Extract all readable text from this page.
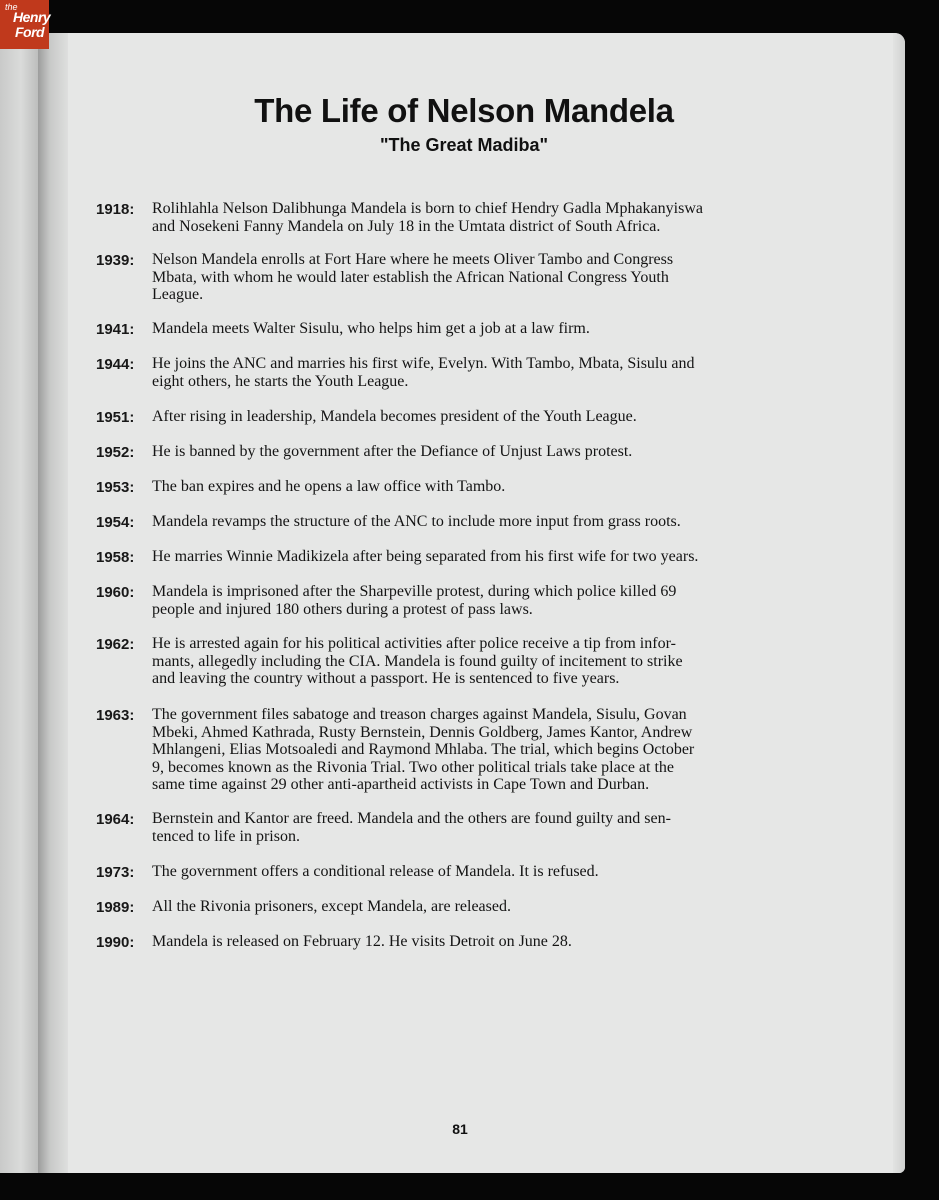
the
Henry
Ford
The Life of Nelson Mandela
"The Great Madiba"
1918:	Rolihlahla Nelson Dalibhunga Mandela is born to chief Hendry Gadla Mphakanyiswa
and Nosekeni Fanny Mandela on July 18 in the Umtata district of South Africa.
1939:	Nelson Mandela enrolls at Fort Hare where he meets Oliver Tambo and Congress
Mbata, with whom he would later establish the African National Congress Youth
League.
1941:	Mandela meets Walter Sisulu, who helps him get a job at a law firm.
1944:	He joins the ANC and marries his first wife, Evelyn. With Tambo, Mbata, Sisulu and
eight others, he starts the Youth League.
1951:	After rising in leadership, Mandela becomes president of the Youth League.
1952:	He is banned by the government after the Defiance of Unjust Laws protest.
1953:	The ban expires and he opens a law office with Tambo.
1954:	Mandela revamps the structure of the ANC to include more input from grass roots.
1958:	He marries Winnie Madikizela after being separated from his first wife for two years.
1960:	Mandela is imprisoned after the Sharpeville protest, during which police killed 69
people and injured 180 others during a protest of pass laws.
1962:	He is arrested again for his political activities after police receive a tip from infor-
mants, allegedly including the CIA. Mandela is found guilty of incitement to strike
and leaving the country without a passport. He is sentenced to five years.
1963:	The government files sabatoge and treason charges against Mandela, Sisulu, Govan
Mbeki, Ahmed Kathrada, Rusty Bernstein, Dennis Goldberg, James Kantor, Andrew
Mhlangeni, Elias Motsoaledi and Raymond Mhlaba. The trial, which begins October
9, becomes known as the Rivonia Trial. Two other political trials take place at the
same time against 29 other anti-apartheid activists in Cape Town and Durban.
1964:	Bernstein and Kantor are freed. Mandela and the others are found guilty and sen-
tenced to life in prison.
1973:	The government offers a conditional release of Mandela. It is refused.
1989:	All the Rivonia prisoners, except Mandela, are released.
1990:	Mandela is released on February 12. He visits Detroit on June 28.
81
